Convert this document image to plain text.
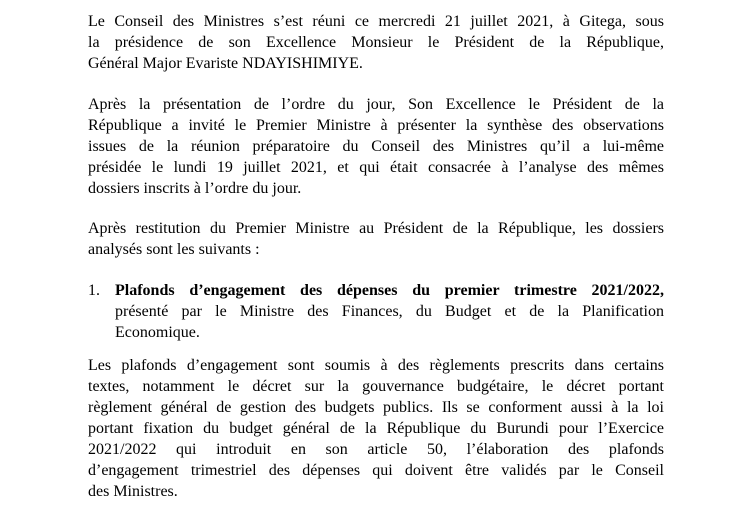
Le Conseil des Ministres s’est réuni ce mercredi 21 juillet 2021, à Gitega, sous
la présidence de son Excellence Monsieur le Président de la République,
Général Major Evariste NDAYISHIMIYE.

Après la présentation de l’ordre du jour, Son Excellence le Président de la
République a invité le Premier Ministre à présenter la synthèse des observations
issues de la réunion préparatoire du Conseil des Ministres qu’il a lui-même
présidée le lundi 19 juillet 2021, et qui était consacrée à l’analyse des mêmes
dossiers inscrits à l’ordre du jour.

Après restitution du Premier Ministre au Président de la République, les dossiers
analysés sont les suivants :

1. Plafonds d’engagement des dépenses du premier trimestre 2021/2022,
présenté par le Ministre des Finances, du Budget et de la Planification
Economique.

Les plafonds d’engagement sont soumis à des règlements prescrits dans certains
textes, notamment le décret sur la gouvernance budgétaire, le décret portant
règlement général de gestion des budgets publics. Ils se conforment aussi à la loi
portant fixation du budget général de la République du Burundi pour l’Exercice
2021/2022 qui introduit en son article 50, l’élaboration des plafonds
d’engagement trimestriel des dépenses qui doivent être validés par le Conseil
des Ministres.
